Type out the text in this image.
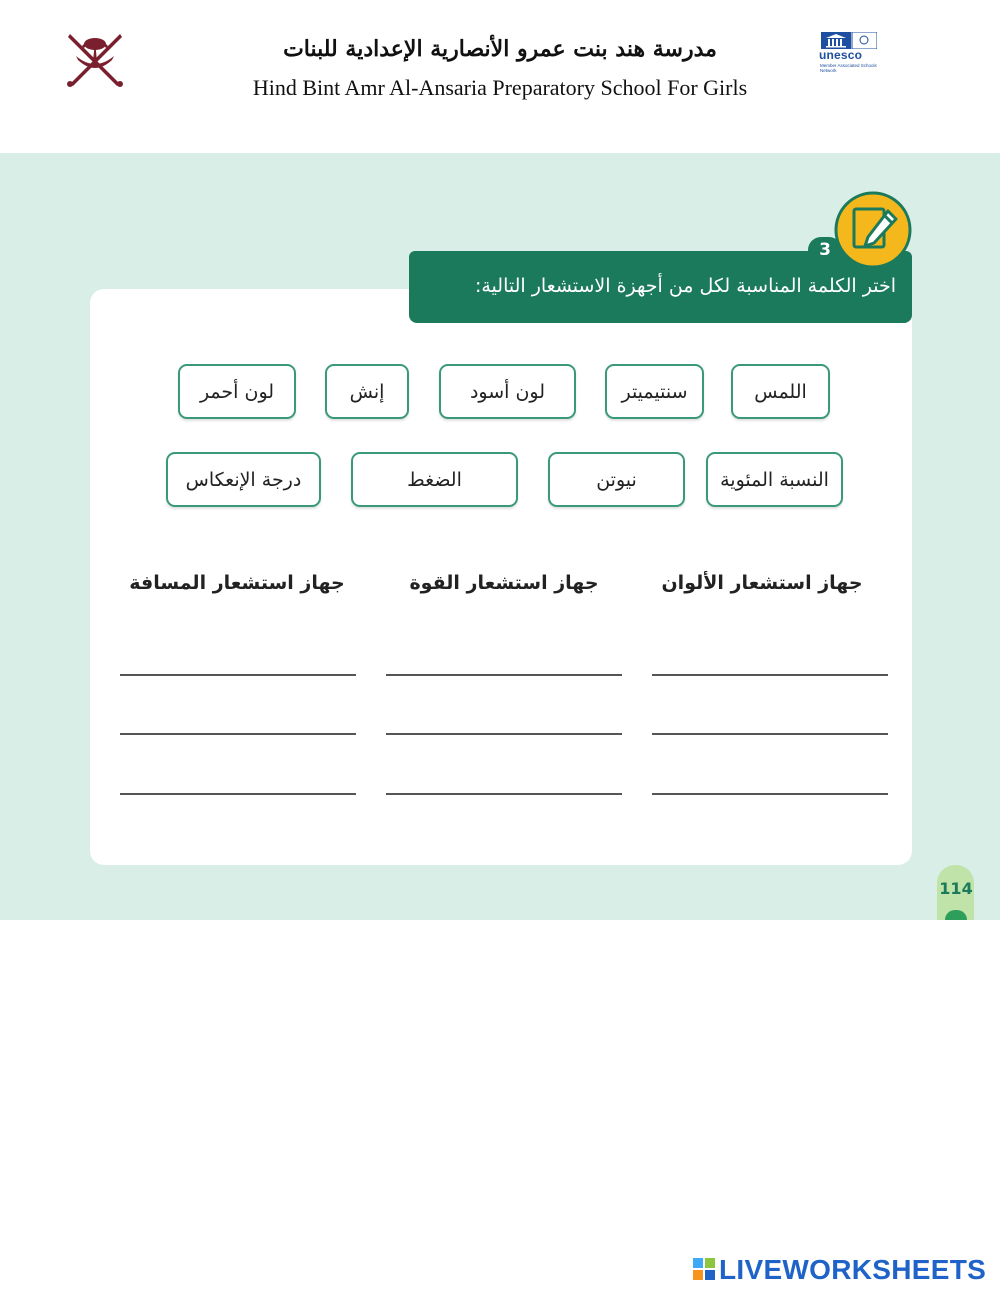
مدرسة هند بنت عمرو الأنصارية الإعدادية للبنات
Hind Bint Amr Al-Ansaria Preparatory School For Girls
unesco
Member Associated Schools Network
اختر الكلمة المناسبة لكل من أجهزة الاستشعار التالية:
3
اللمس
سنتيميتر
لون أسود
إنش
لون أحمر
النسبة المئوية
نيوتن
الضغط
درجة الإنعكاس
جهاز استشعار الألوان
جهاز استشعار القوة
جهاز استشعار المسافة
114
LIVEWORKSHEETS
